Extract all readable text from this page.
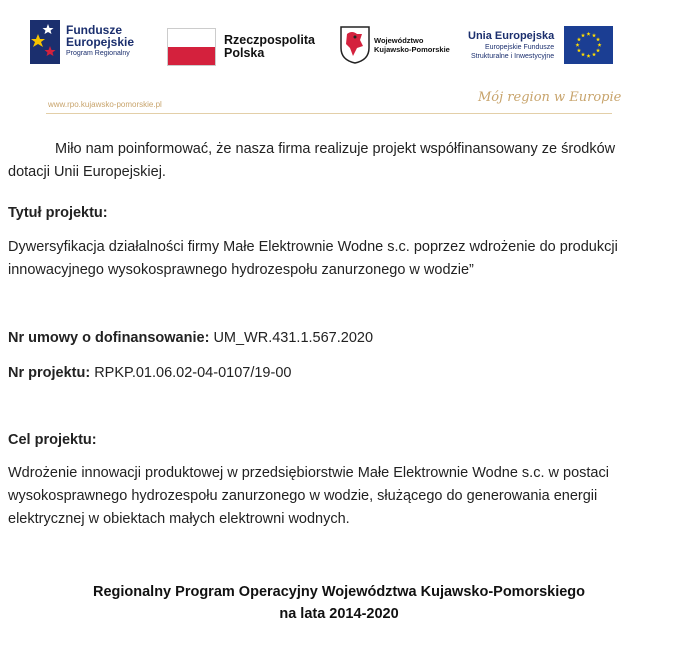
Fundusze
Europejskie
Program Regionalny
Rzeczpospolita
Polska
Województwo
Kujawsko-Pomorskie
Unia Europejska
Europejskie Fundusze
Strukturalne i Inwestycyjne
www.rpo.kujawsko-pomorskie.pl	Mój region w Europie
Miło nam poinformować, że nasza firma realizuje projekt współfinansowany ze środków dotacji Unii Europejskiej.
Tytuł projektu:
Dywersyfikacja działalności firmy Małe Elektrownie Wodne s.c. poprzez wdrożenie do produkcji innowacyjnego wysokosprawnego hydrozespołu zanurzonego w wodzie”
Nr umowy o dofinansowanie: UM_WR.431.1.567.2020
Nr projektu: RPKP.01.06.02-04-0107/19-00
Cel projektu:
Wdrożenie innowacji produktowej w przedsiębiorstwie Małe Elektrownie Wodne s.c. w postaci wysokosprawnego hydrozespołu zanurzonego w wodzie, służącego do generowania energii elektrycznej w obiektach małych elektrowni wodnych.
Regionalny Program Operacyjny Województwa Kujawsko-Pomorskiego
na lata 2014-2020
